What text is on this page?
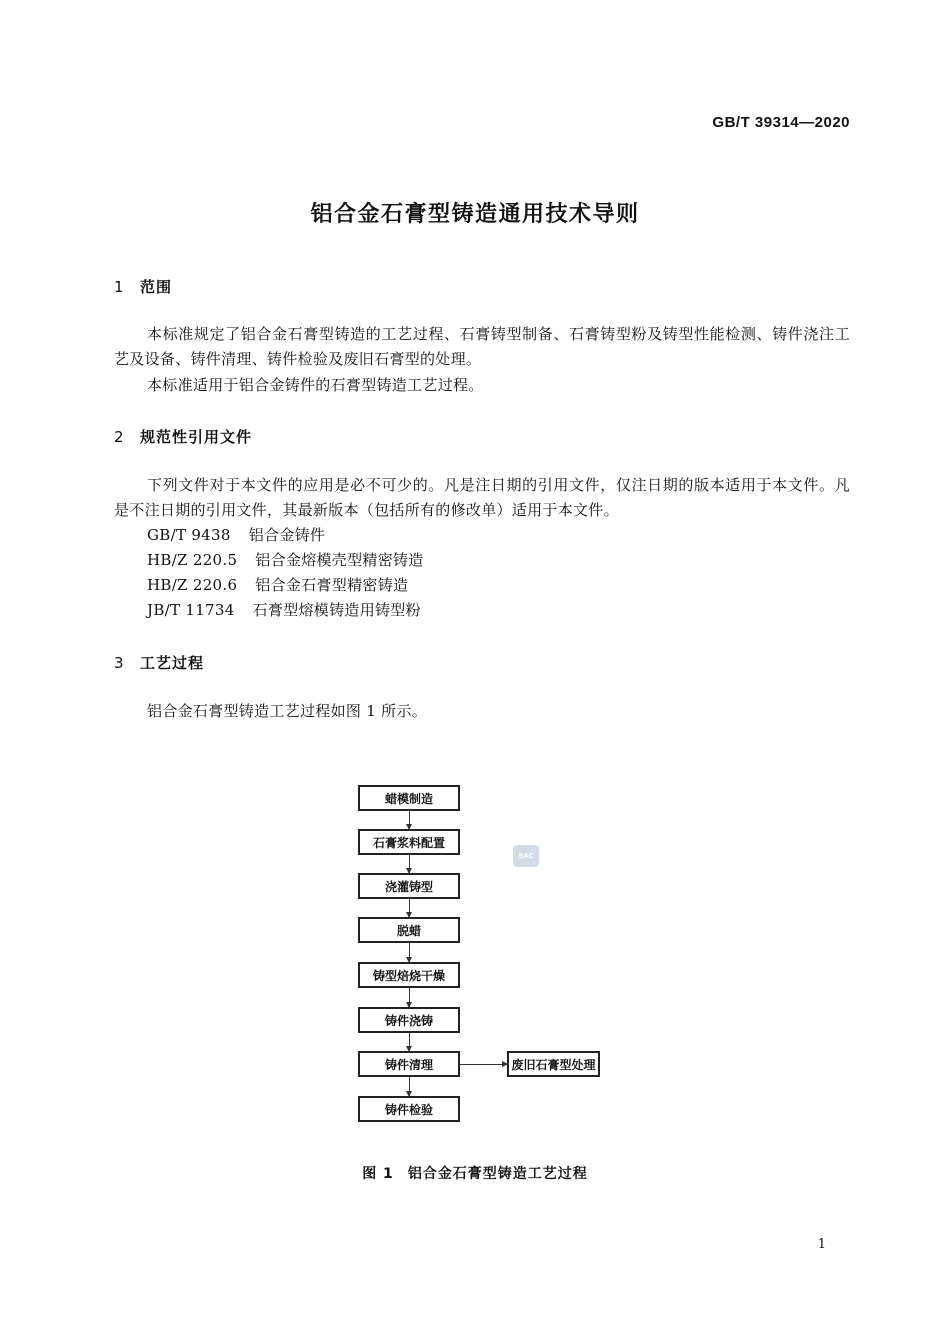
GB/T 39314—2020
铝合金石膏型铸造通用技术导则
1 范围
本标准规定了铝合金石膏型铸造的工艺过程、石膏铸型制备、石膏铸型粉及铸型性能检测、铸件浇注工艺及设备、铸件清理、铸件检验及废旧石膏型的处理。
本标准适用于铝合金铸件的石膏型铸造工艺过程。
2 规范性引用文件
下列文件对于本文件的应用是必不可少的。凡是注日期的引用文件，仅注日期的版本适用于本文件。凡是不注日期的引用文件，其最新版本（包括所有的修改单）适用于本文件。
GB/T 9438 铝合金铸件
HB/Z 220.5 铝合金熔模壳型精密铸造
HB/Z 220.6 铝合金石膏型精密铸造
JB/T 11734 石膏型熔模铸造用铸型粉
3 工艺过程
铝合金石膏型铸造工艺过程如图 1 所示。
蜡模制造
石膏浆料配置
浇灌铸型
脱蜡
铸型焙烧干燥
铸件浇铸
铸件清理	废旧石膏型处理
铸件检验
SAC
图 1 铝合金石膏型铸造工艺过程
1
